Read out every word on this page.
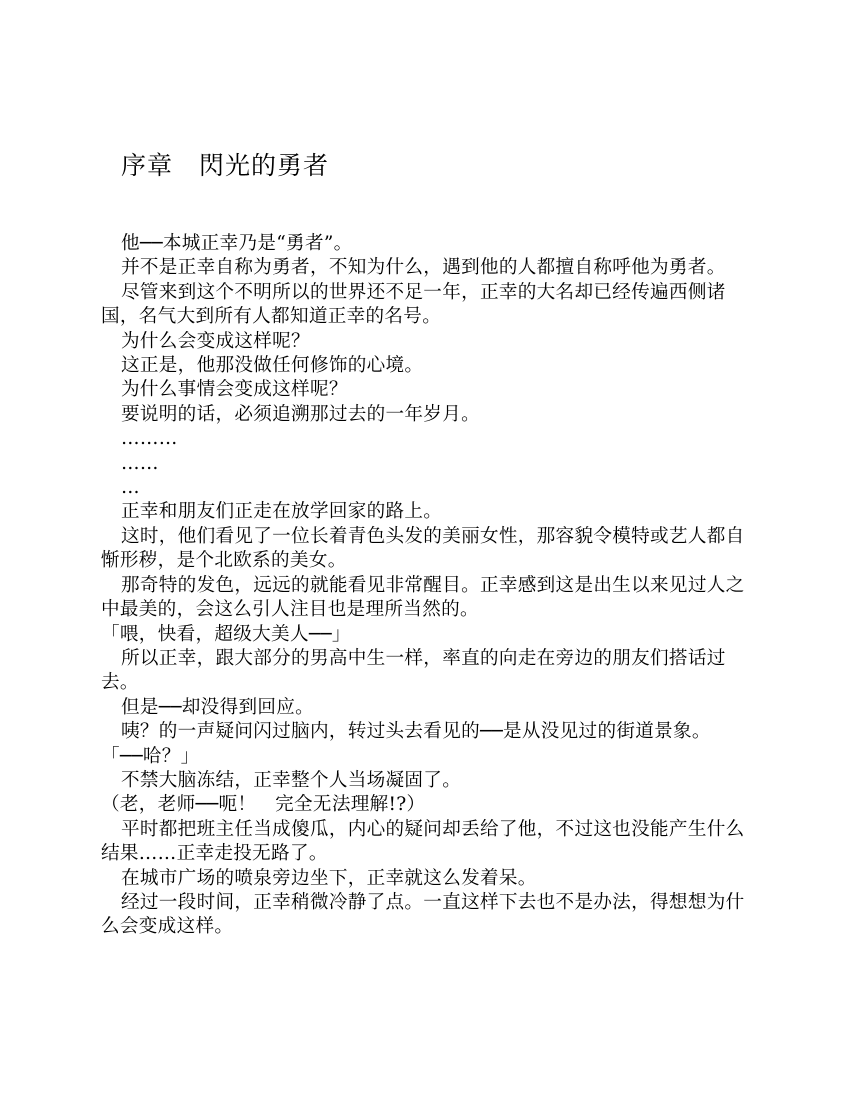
序章　閃光的勇者

他──本城正幸乃是“勇者”。

并不是正幸自称为勇者，不知为什么，遇到他的人都擅自称呼他为勇者。

尽管来到这个不明所以的世界还不足一年，正幸的大名却已经传遍西侧诸国，名气大到所有人都知道正幸的名号。

为什么会变成这样呢？

这正是，他那没做任何修饰的心境。

为什么事情会变成这样呢？

要说明的话，必须追溯那过去的一年岁月。

………

……

…

正幸和朋友们正走在放学回家的路上。

这时，他们看见了一位长着青色头发的美丽女性，那容貌令模特或艺人都自惭形秽，是个北欧系的美女。

那奇特的发色，远远的就能看见非常醒目。正幸感到这是出生以来见过人之中最美的，会这么引人注目也是理所当然的。

「喂，快看，超级大美人──」

所以正幸，跟大部分的男高中生一样，率直的向走在旁边的朋友们搭话过去。

但是──却没得到回应。

咦？的一声疑问闪过脑内，转过头去看见的──是从没见过的街道景象。

「──哈？」

不禁大脑冻结，正幸整个人当场凝固了。

（老，老师──呃！　完全无法理解!?）

平时都把班主任当成傻瓜，内心的疑问却丢给了他，不过这也没能产生什么结果……正幸走投无路了。

在城市广场的喷泉旁边坐下，正幸就这么发着呆。

经过一段时间，正幸稍微冷静了点。一直这样下去也不是办法，得想想为什么会变成这样。
